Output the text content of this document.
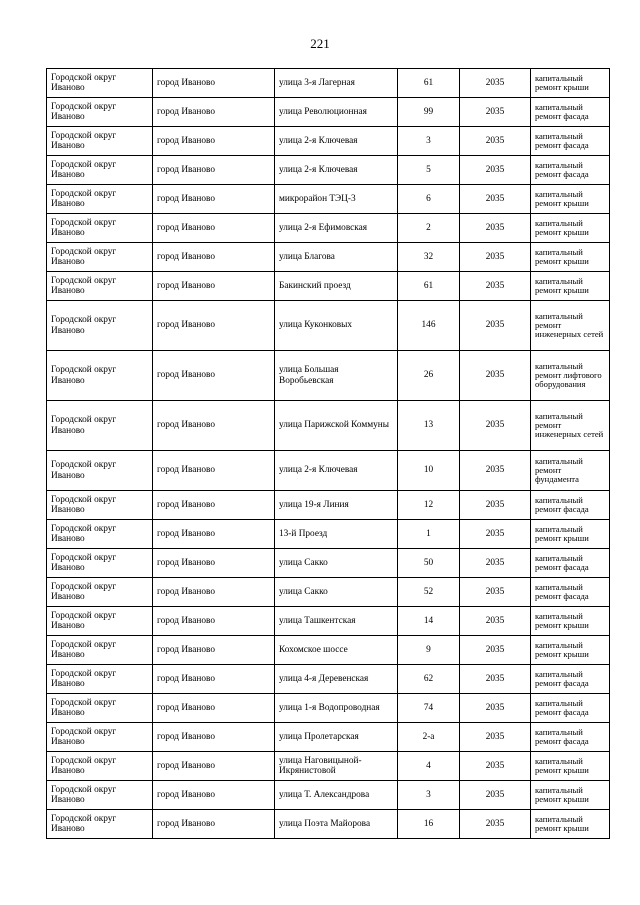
221
Городской округ Иваново	город Иваново	улица 3-я Лагерная	61	2035	капитальный ремонт крыши
Городской округ Иваново	город Иваново	улица Революционная	99	2035	капитальный ремонт фасада
Городской округ Иваново	город Иваново	улица 2-я Ключевая	3	2035	капитальный ремонт фасада
Городской округ Иваново	город Иваново	улица 2-я Ключевая	5	2035	капитальный ремонт фасада
Городской округ Иваново	город Иваново	микрорайон ТЭЦ-3	6	2035	капитальный ремонт крыши
Городской округ Иваново	город Иваново	улица 2-я Ефимовская	2	2035	капитальный ремонт крыши
Городской округ Иваново	город Иваново	улица Благова	32	2035	капитальный ремонт крыши
Городской округ Иваново	город Иваново	Бакинский проезд	61	2035	капитальный ремонт крыши
Городской округ Иваново	город Иваново	улица Куконковых	146	2035	капитальный ремонт инженерных сетей
Городской округ Иваново	город Иваново	улица Большая Воробьевская	26	2035	капитальный ремонт лифтового оборудования
Городской округ Иваново	город Иваново	улица Парижской Коммуны	13	2035	капитальный ремонт инженерных сетей
Городской округ Иваново	город Иваново	улица 2-я Ключевая	10	2035	капитальный ремонт фундамента
Городской округ Иваново	город Иваново	улица 19-я Линия	12	2035	капитальный ремонт фасада
Городской округ Иваново	город Иваново	13-й Проезд	1	2035	капитальный ремонт крыши
Городской округ Иваново	город Иваново	улица Сакко	50	2035	капитальный ремонт фасада
Городской округ Иваново	город Иваново	улица Сакко	52	2035	капитальный ремонт фасада
Городской округ Иваново	город Иваново	улица Ташкентская	14	2035	капитальный ремонт крыши
Городской округ Иваново	город Иваново	Кохомское шоссе	9	2035	капитальный ремонт крыши
Городской округ Иваново	город Иваново	улица 4-я Деревенская	62	2035	капитальный ремонт фасада
Городской округ Иваново	город Иваново	улица 1-я Водопроводная	74	2035	капитальный ремонт фасада
Городской округ Иваново	город Иваново	улица Пролетарская	2-а	2035	капитальный ремонт фасада
Городской округ Иваново	город Иваново	улица Наговицыной-Икрянистовой	4	2035	капитальный ремонт крыши
Городской округ Иваново	город Иваново	улица Т. Александрова	3	2035	капитальный ремонт крыши
Городской округ Иваново	город Иваново	улица Поэта Майорова	16	2035	капитальный ремонт крыши
